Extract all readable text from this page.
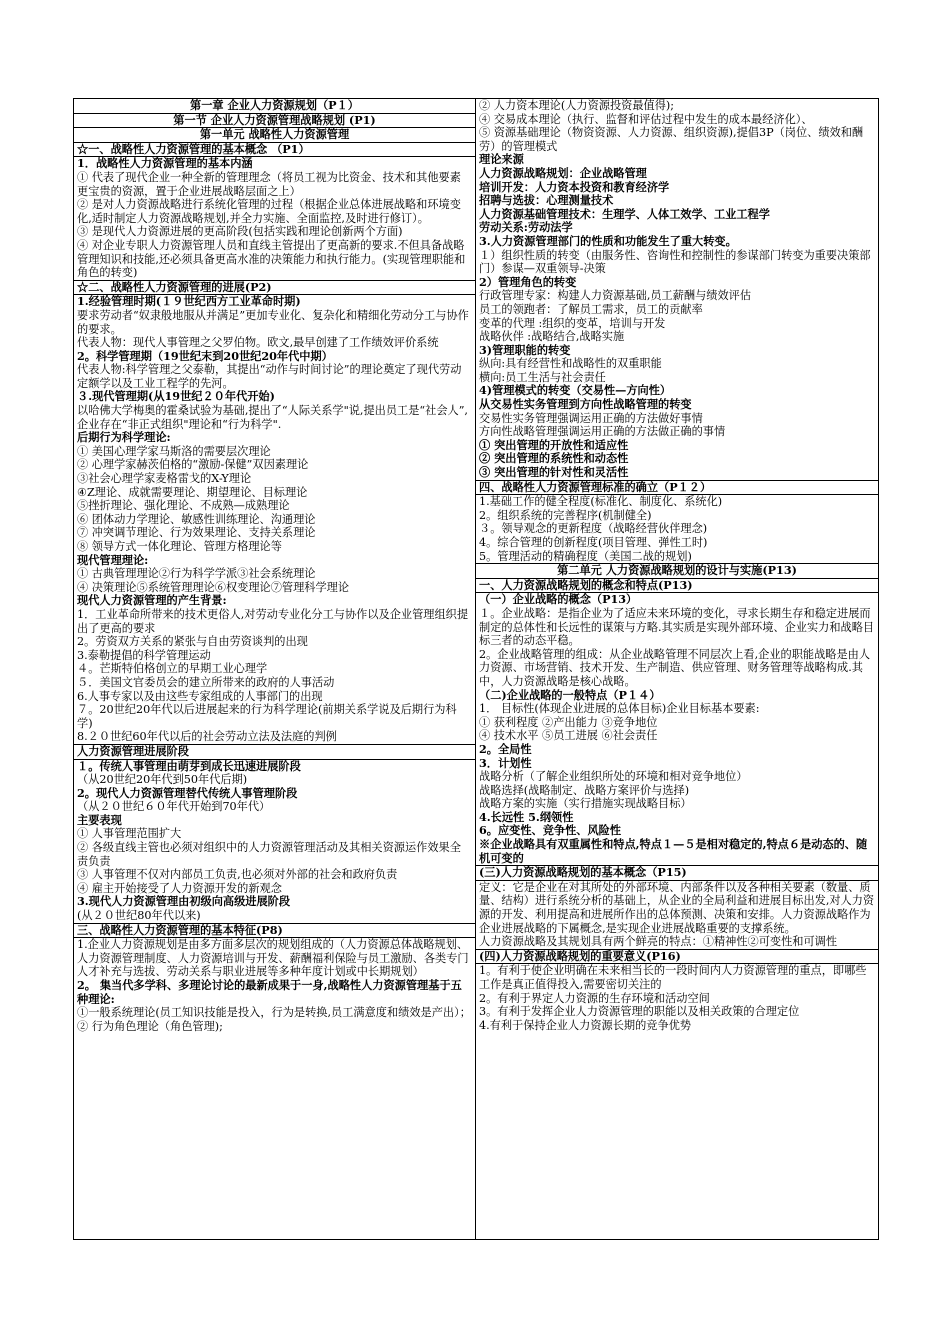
第一章 企业人力资源规划（P１）
第一节 企业人力资源管理战略规划 (P1)
第一单元 战略性人力资源管理
☆一、战略性人力资源管理的基本概念 （P1）
1．战略性人力资源管理的基本内涵
① 代表了现代企业一种全新的管理理念（将员工视为比资金、技术和其他要素更宝贵的资源，置于企业进展战略层面之上）
② 是对人力资源战略进行系统化管理的过程（根据企业总体进展战略和环境变化,适时制定人力资源战略规划,并全力实施、全面监控,及时进行修订）。
③ 是现代人力资源进展的更高阶段(包括实践和理论创新两个方面)
④ 对企业专职人力资源管理人员和直线主管提出了更高新的要求.不但具备战略管理知识和技能,还必须具备更高水准的决策能力和执行能力。(实现管理职能和角色的转变)
☆二、战略性人力资源管理的进展(P2)
1.经验管理时期(１９世纪西方工业革命时期)
要求劳动者“奴隶般地服从并满足”更加专业化、复杂化和精细化劳动分工与协作的要求。
代表人物：现代人事管理之父罗伯物。欧文,最早创建了工作绩效评价系统
2。科学管理期（19世纪末到20世纪20年代中期）
代表人物:科学管理之父泰勒，其提出“动作与时间讨论”的理论奠定了现代劳动定额学以及工业工程学的先河。
３.现代管理期(从19世纪２０年代开始)
以哈佛大学梅奥的霍桑试验为基础,提出了“人际关系学"说,提出员工是“社会人”,企业存在“非正式组织"理论和“行为科学".
后期行为科学理论:
① 美国心理学家马斯洛的需要层次理论
② 心理学家赫茨伯格的“激励-保健”双因素理论
③社会心理学家麦格雷戈的X-Y理论
④Z理论、成就需要理论、期望理论、目标理论
⑤挫折理论、强化理论、不成熟—成熟理论
⑥ 团体动力学理论、敏感性训练理论、沟通理论
⑦ 冲突调节理论、行为效果理论、支持关系理论
⑧ 领导方式一体化理论、管理方格理论等
现代管理理论:
① 古典管理理论②行为科学学派③社会系统理论
④ 决策理论⑤系统管理理论⑥权变理论⑦管理科学理论
现代人力资源管理的产生背景:
1．工业革命所带来的技术更俗人,对劳动专业化分工与协作以及企业管理组织提出了更高的要求
2。劳资双方关系的紧张与自由劳资谈判的出现
3.泰勒提倡的科学管理运动
４。芒斯特伯格创立的早期工业心理学
５．美国文官委员会的建立所带来的政府的人事活动
6.人事专家以及由这些专家组成的人事部门的出现
７。20世纪20年代以后进展起来的行为科学理论(前期关系学说及后期行为科学)
8.２０世纪60年代以后的社会劳动立法及法庭的判例
人力资源管理进展阶段
１。传统人事管理由萌芽到成长迅速进展阶段
（从20世纪20年代到50年代后期)
2。现代人力资源管理替代传统人事管理阶段
（从２０世纪６０年代开始到70年代）
主要表现
① 人事管理范围扩大
② 各级直线主管也必须对组织中的人力资源管理活动及其相关资源运作效果全责负责
③ 人事管理不仅对内部员工负责,也必须对外部的社会和政府负责
④ 雇主开始接受了人力资源开发的新观念
3.现代人力资源管理由初级向高级进展阶段
(从２０世纪80年代以来)
三、战略性人力资源管理的基本特征(P8)
1.企业人力资源规划是由多方面多层次的规划组成的（人力资源总体战略规划、人力资源管理制度、人力资源培训与开发、薪酬福利保险与员工激励、各类专门人才补充与选拔、劳动关系与职业进展等多种年度计划或中长期规划）
2。 集当代多学科、多理论讨论的最新成果于一身,战略性人力资源管理基于五种理论:
①一般系统理论(员工知识技能是投入，行为是转换,员工满意度和绩效是产出）；
② 行为角色理论（角色管理);
② 人力资本理论(人力资源投资最值得);
④ 交易成本理论（执行、监督和评估过程中发生的成本最经济化）、
⑤ 资源基础理论（物资资源、人力资源、组织资源),提倡3P（岗位、绩效和酬劳）的管理模式
理论来源
人力资源战略规划：企业战略管理
培训开发：人力资本投资和教育经济学
招聘与选拔：心理测量技术
人力资源基础管理技术：生理学、人体工效学、工业工程学
劳动关系:劳动法学
3.人力资源管理部门的性质和功能发生了重大转变。
１）组织性质的转变（由服务性、咨询性和控制性的参谋部门转变为重要决策部门）参谋—双重领导-决策
2）管理角色的转变
行政管理专家：构建人力资源基础,员工薪酬与绩效评估
员工的领跑者：了解员工需求，员工的贡献率
变革的代理 :组织的变革，培训与开发
战略伙伴 :战略结合,战略实施
3)管理职能的转变
纵向:具有经营性和战略性的双重职能
横向:员工生活与社会责任
4)管理模式的转变（交易性—方向性）
从交易性实务管理到方向性战略管理的转变
交易性实务管理强调运用正确的方法做好事情
方向性战略管理强调运用正确的方法做正确的事情
① 突出管理的开放性和适应性
② 突出管理的系统性和动态性
③ 突出管理的针对性和灵活性
四、战略性人力资源管理标准的确立（P１２）
1.基础工作的健全程度(标准化、制度化、系统化)
2。组织系统的完善程序(机制健全)
３。领导观念的更新程度（战略经营伙伴理念)
4。综合管理的创新程度(项目管理、弹性工时)
5。管理活动的精确程度（美国二战的规划)
第二单元 人力资源战略规划的设计与实施(P13)
一、人力资源战略规划的概念和特点(P13)
（一）企业战略的概念（P13）
１。企业战略：是指企业为了适应未来环境的变化，寻求长期生存和稳定进展而制定的总体性和长远性的谋策与方略.其实质是实现外部环境、企业实力和战略目标三者的动态平稳。
2。企业战略管理的组成：从企业战略管理不同层次上看,企业的职能战略是由人力资源、市场营销、技术开发、生产制造、供应管理、财务管理等战略构成.其中，人力资源战略是核心战略。
（二)企业战略的一般特点（P１４）
1． 目标性(体现企业进展的总体目标)企业目标基本要素:
① 获利程度 ②产出能力 ③竞争地位
④ 技术水平 ⑤员工进展 ⑥社会责任
2。全局性
3．计划性
战略分析（了解企业组织所处的环境和相对竞争地位）
战略选择(战略制定、战略方案评价与选择)
战略方案的实施（实行措施实现战略目标）
4.长远性 5.纲领性
6。应变性、竞争性、风险性
※企业战略具有双重属性和特点,特点１—５是相对稳定的,特点６是动态的、随机可变的
(三)人力资源战略规划的基本概念（P15)
定义：它是企业在对其所处的外部环境、内部条件以及各种相关要素（数量、质量、结构）进行系统分析的基础上，从企业的全局利益和进展目标出发,对人力资源的开发、利用提高和进展所作出的总体预测、决策和安排。人力资源战略作为企业进展战略的下属概念,是实现企业进展战略重要的支撑系统。
人力资源战略及其规划具有两个鲜亮的特点：①精神性②可变性和可调性
(四)人力资源战略规划的重要意义(P16)
1。有利于使企业明确在未来相当长的一段时间内人力资源管理的重点，即哪些工作是真正值得投入,需要密切关注的
2。有利于界定人力资源的生存环境和活动空间
3。有利于发挥企业人力资源管理的职能以及相关政策的合理定位
4.有利于保持企业人力资源长期的竞争优势
